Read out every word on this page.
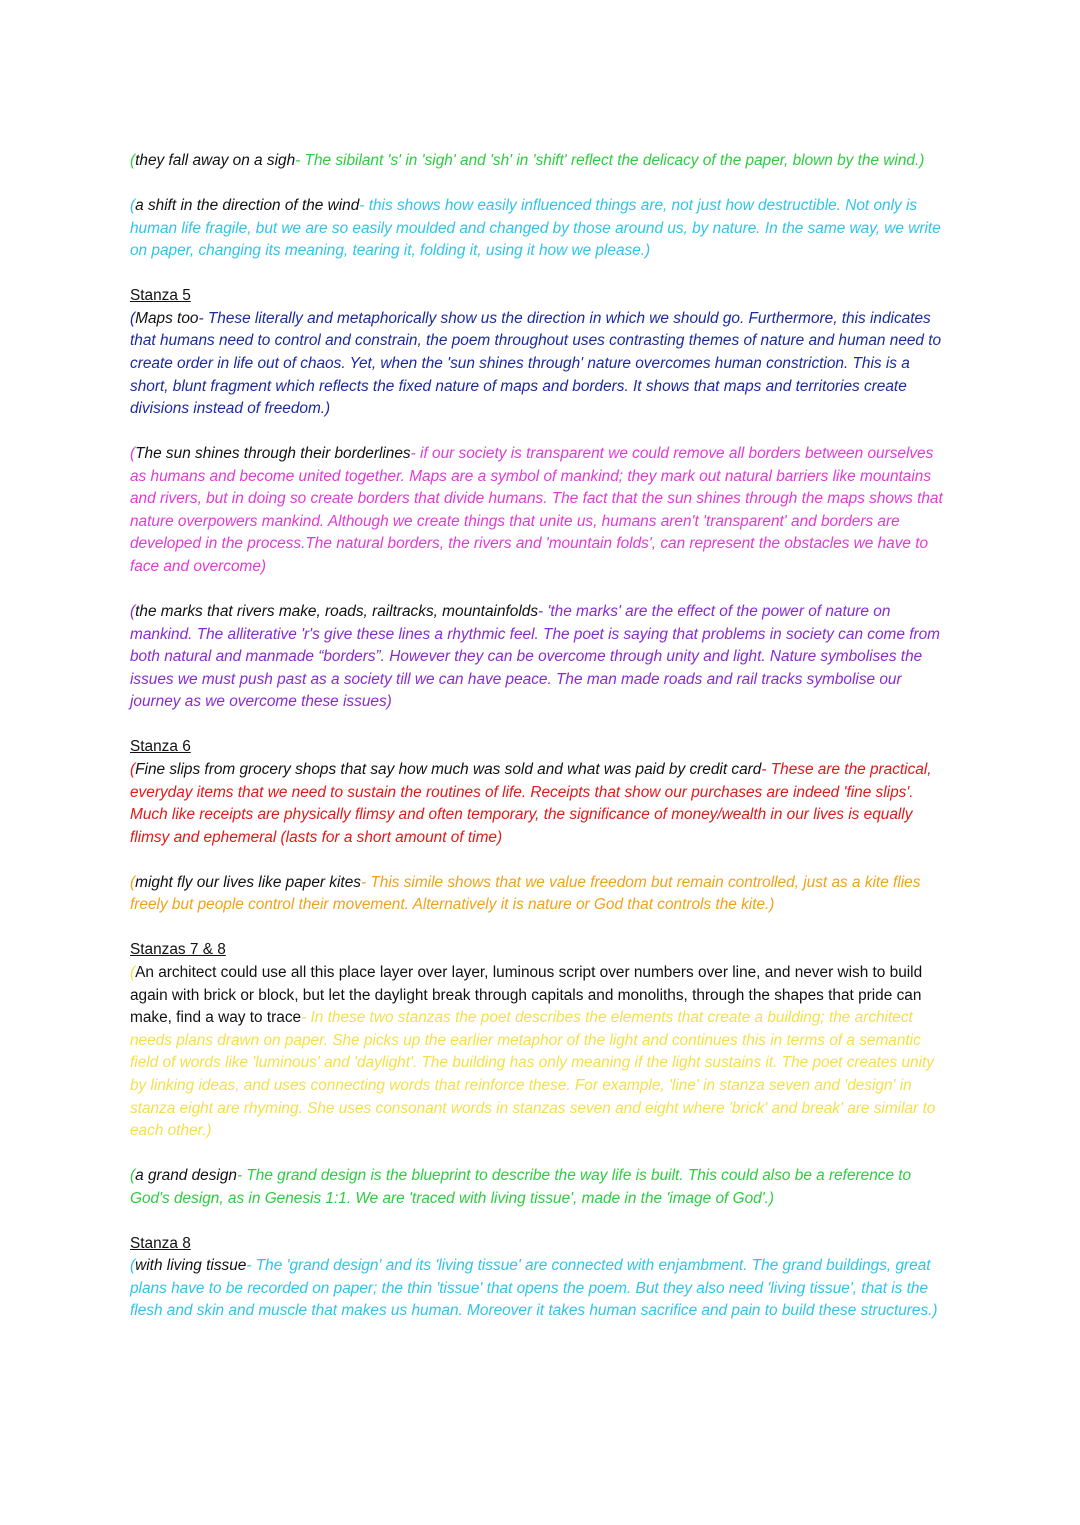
(they fall away on a sigh- The sibilant 's' in 'sigh' and 'sh' in 'shift' reflect the delicacy of the paper, blown by the wind.)

(a shift in the direction of the wind- this shows how easily influenced things are, not just how destructible. Not only is human life fragile, but we are so easily moulded and changed by those around us, by nature. In the same way, we write on paper, changing its meaning, tearing it, folding it, using it how we please.)

Stanza 5
(Maps too- These literally and metaphorically show us the direction in which we should go. Furthermore, this indicates that humans need to control and constrain, the poem throughout uses contrasting themes of nature and human need to create order in life out of chaos. Yet, when the 'sun shines through' nature overcomes human constriction. This is a short, blunt fragment which reflects the fixed nature of maps and borders. It shows that maps and territories create divisions instead of freedom.)

(The sun shines through their borderlines- if our society is transparent we could remove all borders between ourselves as humans and become united together. Maps are a symbol of mankind; they mark out natural barriers like mountains and rivers, but in doing so create borders that divide humans. The fact that the sun shines through the maps shows that nature overpowers mankind. Although we create things that unite us, humans aren't 'transparent' and borders are developed in the process.The natural borders, the rivers and 'mountain folds', can represent the obstacles we have to face and overcome)

(the marks that rivers make, roads, railtracks, mountainfolds- 'the marks' are the effect of the power of nature on mankind. The alliterative 'r's give these lines a rhythmic feel. The poet is saying that problems in society can come from both natural and manmade “borders”. However they can be overcome through unity and light. Nature symbolises the issues we must push past as a society till we can have peace. The man made roads and rail tracks symbolise our journey as we overcome these issues)

Stanza 6
(Fine slips from grocery shops that say how much was sold and what was paid by credit card- These are the practical, everyday items that we need to sustain the routines of life. Receipts that show our purchases are indeed 'fine slips'. Much like receipts are physically flimsy and often temporary, the significance of money/wealth in our lives is equally flimsy and ephemeral (lasts for a short amount of time)

(might fly our lives like paper kites- This simile shows that we value freedom but remain controlled, just as a kite flies freely but people control their movement. Alternatively it is nature or God that controls the kite.)

Stanzas 7 & 8
(An architect could use all this place layer over layer, luminous script over numbers over line, and never wish to build again with brick or block, but let the daylight break through capitals and monoliths, through the shapes that pride can make, find a way to trace- In these two stanzas the poet describes the elements that create a building; the architect needs plans drawn on paper. She picks up the earlier metaphor of the light and continues this in terms of a semantic field of words like 'luminous' and 'daylight'. The building has only meaning if the light sustains it. The poet creates unity by linking ideas, and uses connecting words that reinforce these. For example, 'line' in stanza seven and 'design' in stanza eight are rhyming. She uses consonant words in stanzas seven and eight where 'brick' and break' are similar to each other.)

(a grand design- The grand design is the blueprint to describe the way life is built. This could also be a reference to God's design, as in Genesis 1:1. We are 'traced with living tissue', made in the 'image of God'.)

Stanza 8
(with living tissue- The 'grand design' and its 'living tissue' are connected with enjambment. The grand buildings, great plans have to be recorded on paper; the thin 'tissue' that opens the poem. But they also need 'living tissue', that is the flesh and skin and muscle that makes us human. Moreover it takes human sacrifice and pain to build these structures.)
